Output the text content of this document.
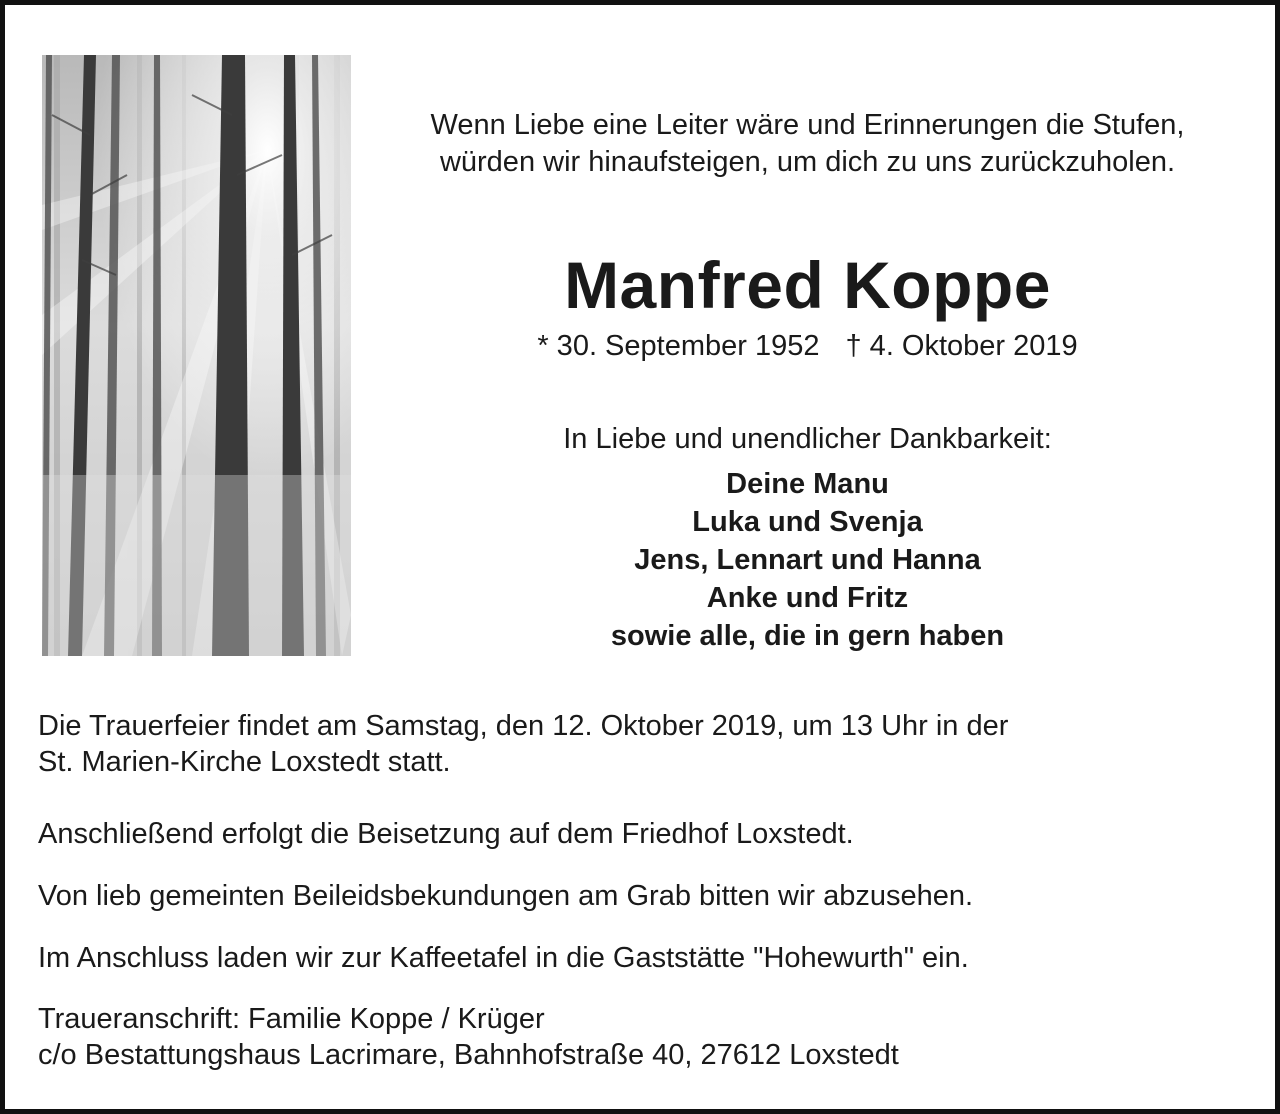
Wenn Liebe eine Leiter wäre und Erinnerungen die Stufen,
würden wir hinaufsteigen, um dich zu uns zurückzuholen.
Manfred Koppe
* 30. September 1952 † 4. Oktober 2019
In Liebe und unendlicher Dankbarkeit:
Deine Manu
Luka und Svenja
Jens, Lennart und Hanna
Anke und Fritz
sowie alle, die in gern haben
Die Trauerfeier findet am Samstag, den 12. Oktober 2019, um 13 Uhr in der
St. Marien-Kirche Loxstedt statt.
Anschließend erfolgt die Beisetzung auf dem Friedhof Loxstedt.
Von lieb gemeinten Beileidsbekundungen am Grab bitten wir abzusehen.
Im Anschluss laden wir zur Kaffeetafel in die Gaststätte "Hohewurth" ein.
Traueranschrift: Familie Koppe / Krüger
c/o Bestattungshaus Lacrimare, Bahnhofstraße 40, 27612 Loxstedt
